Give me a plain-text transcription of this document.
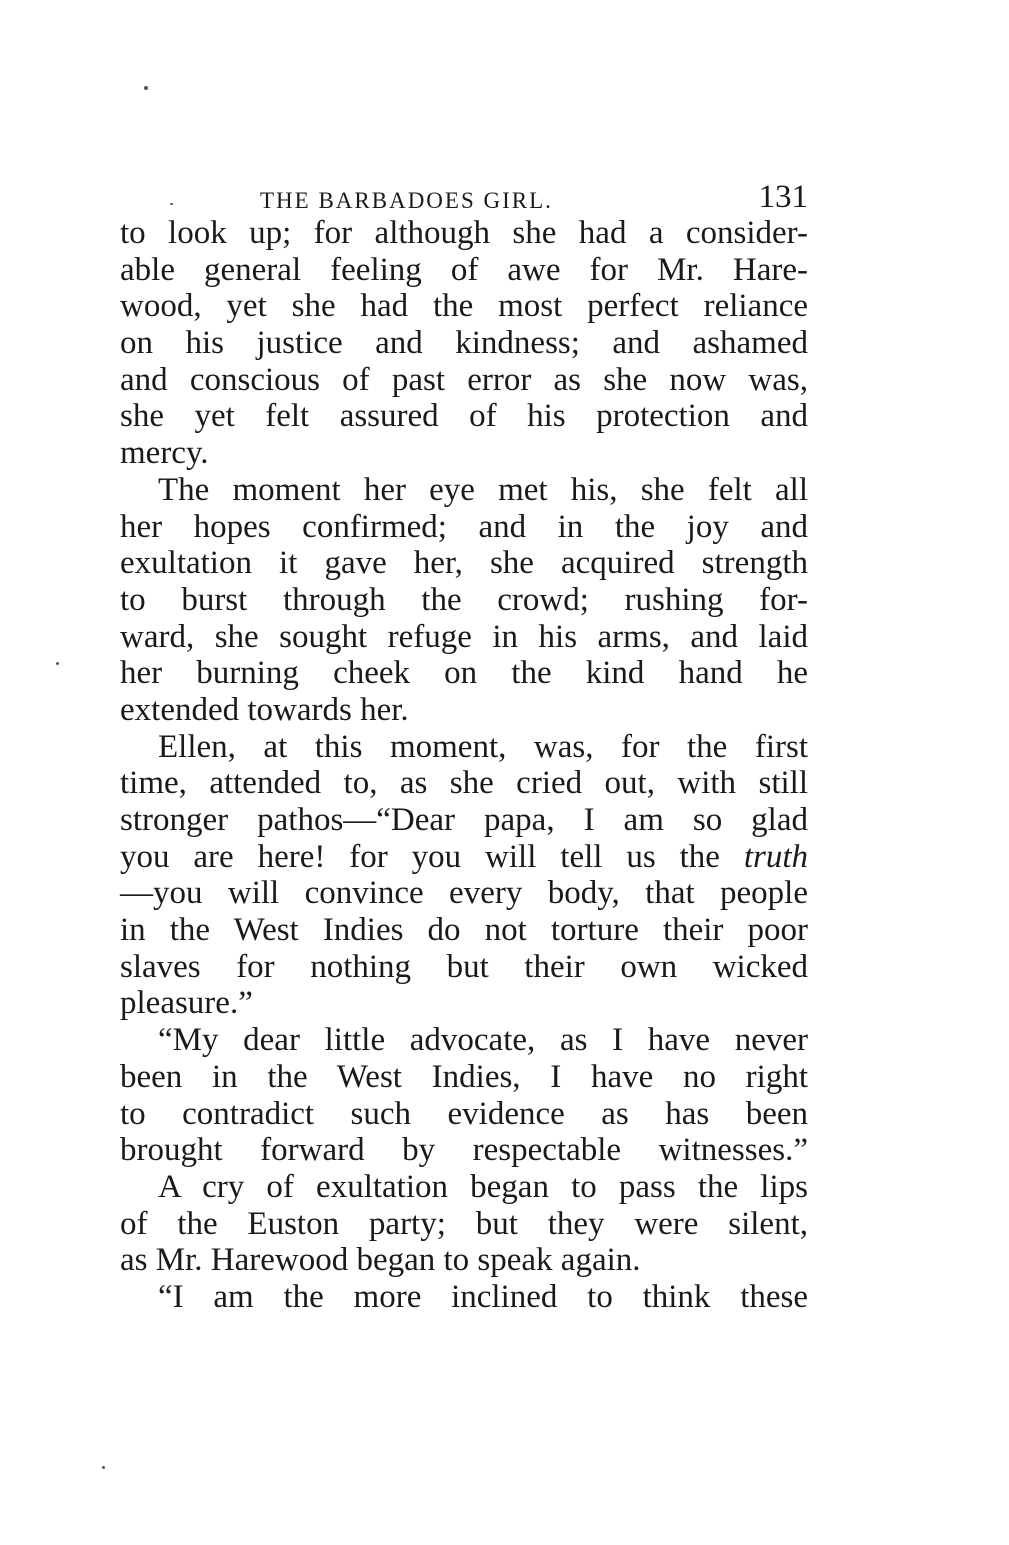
THE BARBADOES GIRL.	131
to look up; for although she had a consider-
able general feeling of awe for Mr. Hare-
wood, yet she had the most perfect reliance
on his justice and kindness; and ashamed
and conscious of past error as she now was,
she yet felt assured of his protection and
mercy.
The moment her eye met his, she felt all
her hopes confirmed; and in the joy and
exultation it gave her, she acquired strength
to burst through the crowd; rushing for-
ward, she sought refuge in his arms, and laid
her burning cheek on the kind hand he
extended towards her.
Ellen, at this moment, was, for the first
time, attended to, as she cried out, with still
stronger pathos—“Dear papa, I am so glad
you are here! for you will tell us the truth
—you will convince every body, that people
in the West Indies do not torture their poor
slaves for nothing but their own wicked
pleasure.”
“My dear little advocate, as I have never
been in the West Indies, I have no right
to contradict such evidence as has been
brought forward by respectable witnesses.”
A cry of exultation began to pass the lips
of the Euston party; but they were silent,
as Mr. Harewood began to speak again.
“I am the more inclined to think these
